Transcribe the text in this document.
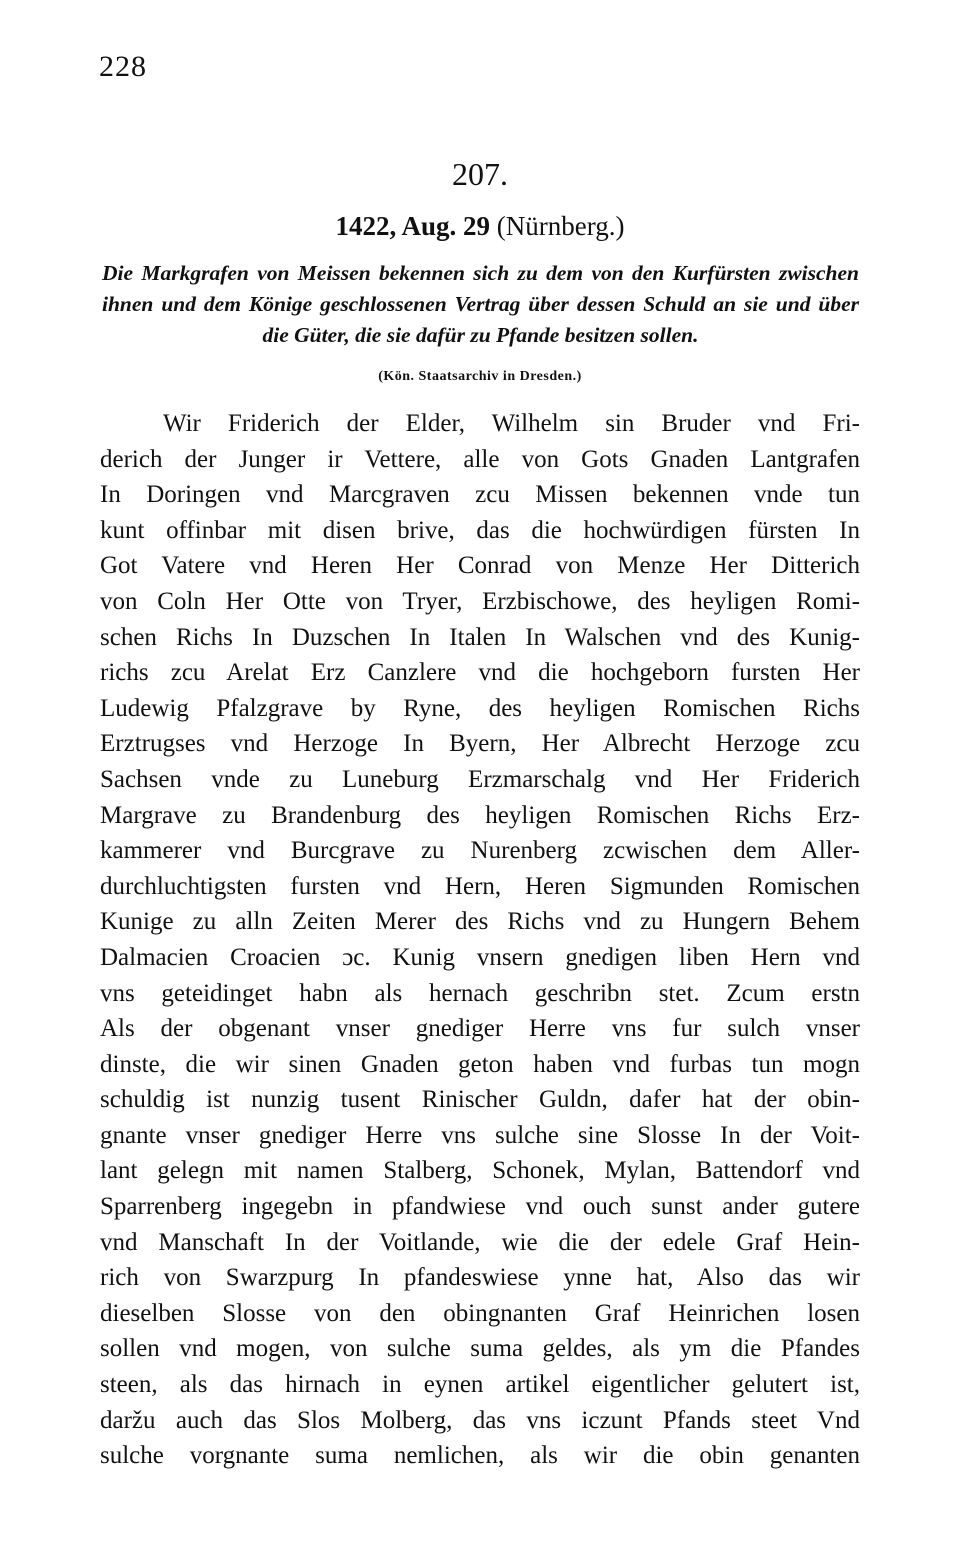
228
207.
1422, Aug. 29 (Nürnberg.)
Die Markgrafen von Meissen bekennen sich zu dem von den Kurfürsten zwischen ihnen und dem Könige geschlossenen Vertrag über dessen Schuld an sie und über die Güter, die sie dafür zu Pfande besitzen sollen.
(Kön. Staatsarchiv in Dresden.)
Wir Friderich der Elder, Wilhelm sin Bruder vnd Fri-
derich der Junger ir Vettere, alle von Gots Gnaden Lantgrafen
In Doringen vnd Marcgraven zcu Missen bekennen vnde tun
kunt offinbar mit disen brive, das die hochwürdigen fürsten In
Got Vatere vnd Heren Her Conrad von Menze Her Ditterich
von Coln Her Otte von Tryer, Erzbischowe, des heyligen Romi-
schen Richs In Duzschen In Italen In Walschen vnd des Kunig-
richs zcu Arelat Erz Canzlere vnd die hochgeborn fursten Her
Ludewig Pfalzgrave by Ryne, des heyligen Romischen Richs
Erztrugses vnd Herzoge In Byern, Her Albrecht Herzoge zcu
Sachsen vnde zu Luneburg Erzmarschalg vnd Her Friderich
Margrave zu Brandenburg des heyligen Romischen Richs Erz-
kammerer vnd Burcgrave zu Nurenberg zcwischen dem Aller-
durchluchtigsten fursten vnd Hern, Heren Sigmunden Romischen
Kunige zu alln Zeiten Merer des Richs vnd zu Hungern Behem
Dalmacien Croacien ɔc. Kunig vnsern gnedigen liben Hern vnd
vns geteidinget habn als hernach geschribn stet. Zcum erstn
Als der obgenant vnser gnediger Herre vns fur sulch vnser
dinste, die wir sinen Gnaden geton haben vnd furbas tun mogn
schuldig ist nunzig tusent Rinischer Guldn, dafer hat der obin-
gnante vnser gnediger Herre vns sulche sine Slosse In der Voit-
lant gelegn mit namen Stalberg, Schonek, Mylan, Battendorf vnd
Sparrenberg ingegebn in pfandwiese vnd ouch sunst ander gutere
vnd Manschaft In der Voitlande, wie die der edele Graf Hein-
rich von Swarzpurg In pfandeswiese ynne hat, Also das wir
dieselben Slosse von den obingnanten Graf Heinrichen losen
sollen vnd mogen, von sulche suma geldes, als ym die Pfandes
steen, als das hirnach in eynen artikel eigentlicher gelutert ist,
daržu auch das Slos Molberg, das vns iczunt Pfands steet Vnd
sulche vorgnante suma nemlichen, als wir die obin genanten
